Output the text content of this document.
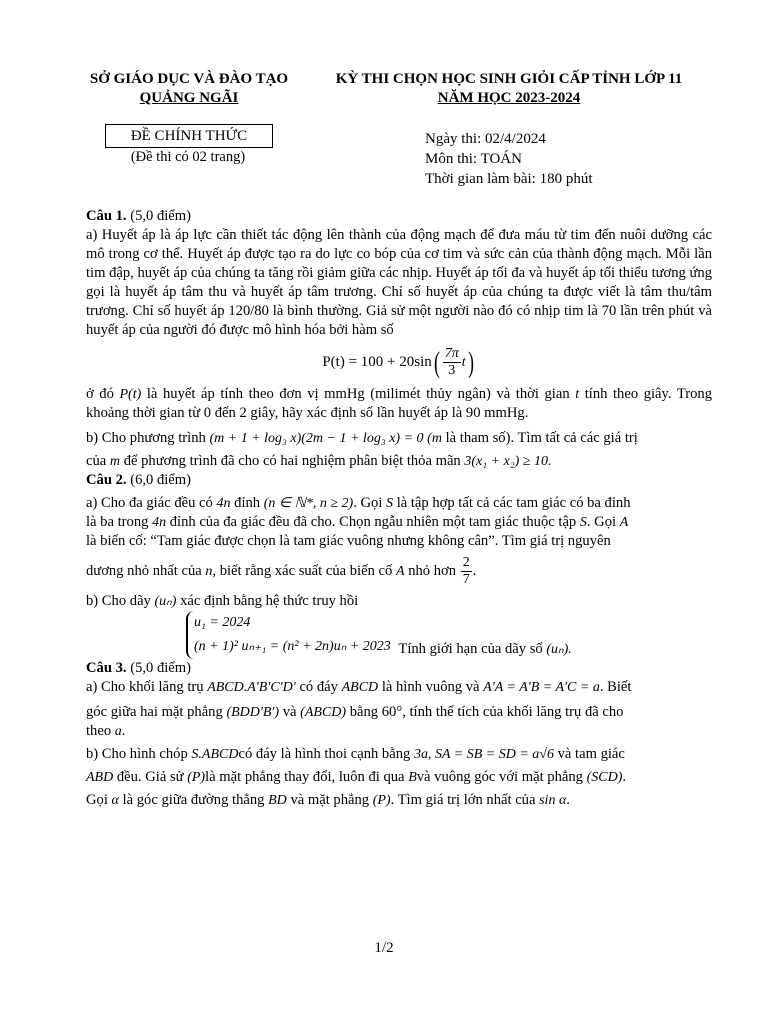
SỞ GIÁO DỤC VÀ ĐÀO TẠO
QUẢNG NGÃI
KỲ THI CHỌN HỌC SINH GIỎI CẤP TỈNH LỚP 11
NĂM HỌC 2023-2024
ĐỀ CHÍNH THỨC
(Đề thi có 02 trang)
Ngày thi: 02/4/2024
Môn thi: TOÁN
Thời gian làm bài: 180 phút

Câu 1. (5,0 điểm)

a) Huyết áp là áp lực cần thiết tác động lên thành của động mạch để đưa máu từ tim đến nuôi dưỡng các mô trong cơ thể. Huyết áp được tạo ra do lực co bóp của cơ tim và sức cản của thành động mạch. Mỗi lần tim đập, huyết áp của chúng ta tăng rồi giảm giữa các nhịp. Huyết áp tối đa và huyết áp tối thiểu tương ứng gọi là huyết áp tâm thu và huyết áp tâm trương. Chỉ số huyết áp của chúng ta được viết là tâm thu/tâm trương. Chỉ số huyết áp 120/80 là bình thường. Giả sử một người nào đó có nhịp tim là 70 lần trên phút và huyết áp của người đó được mô hình hóa bởi hàm số

$P(t) = 100 + 20\sin( \frac{7\pi}{3} t)$

ở đó P(t) là huyết áp tính theo đơn vị mmHg (milimét thủy ngân) và thời gian t tính theo giây. Trong khoảng thời gian từ 0 đến 2 giây, hãy xác định số lần huyết áp là 90 mmHg.

b) Cho phương trình (m + 1 + log₃ x)(2m − 1 + log₃ x) = 0 (m là tham số). Tìm tất cả các giá trị

của m để phương trình đã cho có hai nghiệm phân biệt thỏa mãn 3(x₁ + x₂) ≥ 10.

Câu 2. (6,0 điểm)

a) Cho đa giác đều có 4n đỉnh (n ∈ ℕ*, n ≥ 2). Gọi S là tập hợp tất cả các tam giác có ba đỉnh

là ba trong 4n đỉnh của đa giác đều đã cho. Chọn ngẫu nhiên một tam giác thuộc tập S. Gọi A

là biến cố: “Tam giác được chọn là tam giác vuông nhưng không cân”. Tìm giá trị nguyên

dương nhỏ nhất của n, biết rằng xác suất của biến cố A nhỏ hơn $\frac{2}{7}$ .

b) Cho dãy (uₙ) xác định bằng hệ thức truy hồi

u₁ = 2024
(n + 1)² uₙ₊₁ = (n² + 2n)uₙ + 2023 Tính giới hạn của dãy số (uₙ).

Câu 3. (5,0 điểm)

a) Cho khối lăng trụ ABCD.A'B'C'D' có đáy ABCD là hình vuông và A'A = A'B = A'C = a. Biết

góc giữa hai mặt phẳng (BDD'B') và (ABCD) bằng 60°, tính thể tích của khối lăng trụ đã cho

theo a.

b) Cho hình chóp S.ABCDcó đáy là hình thoi cạnh bằng 3a, SA = SB = SD = a√6 và tam giác

ABD đều. Giả sử (P)là mặt phẳng thay đổi, luôn đi qua Bvà vuông góc với mặt phẳng (SCD).

Gọi α là góc giữa đường thẳng BD và mặt phẳng (P). Tìm giá trị lớn nhất của sin α.

1/2
